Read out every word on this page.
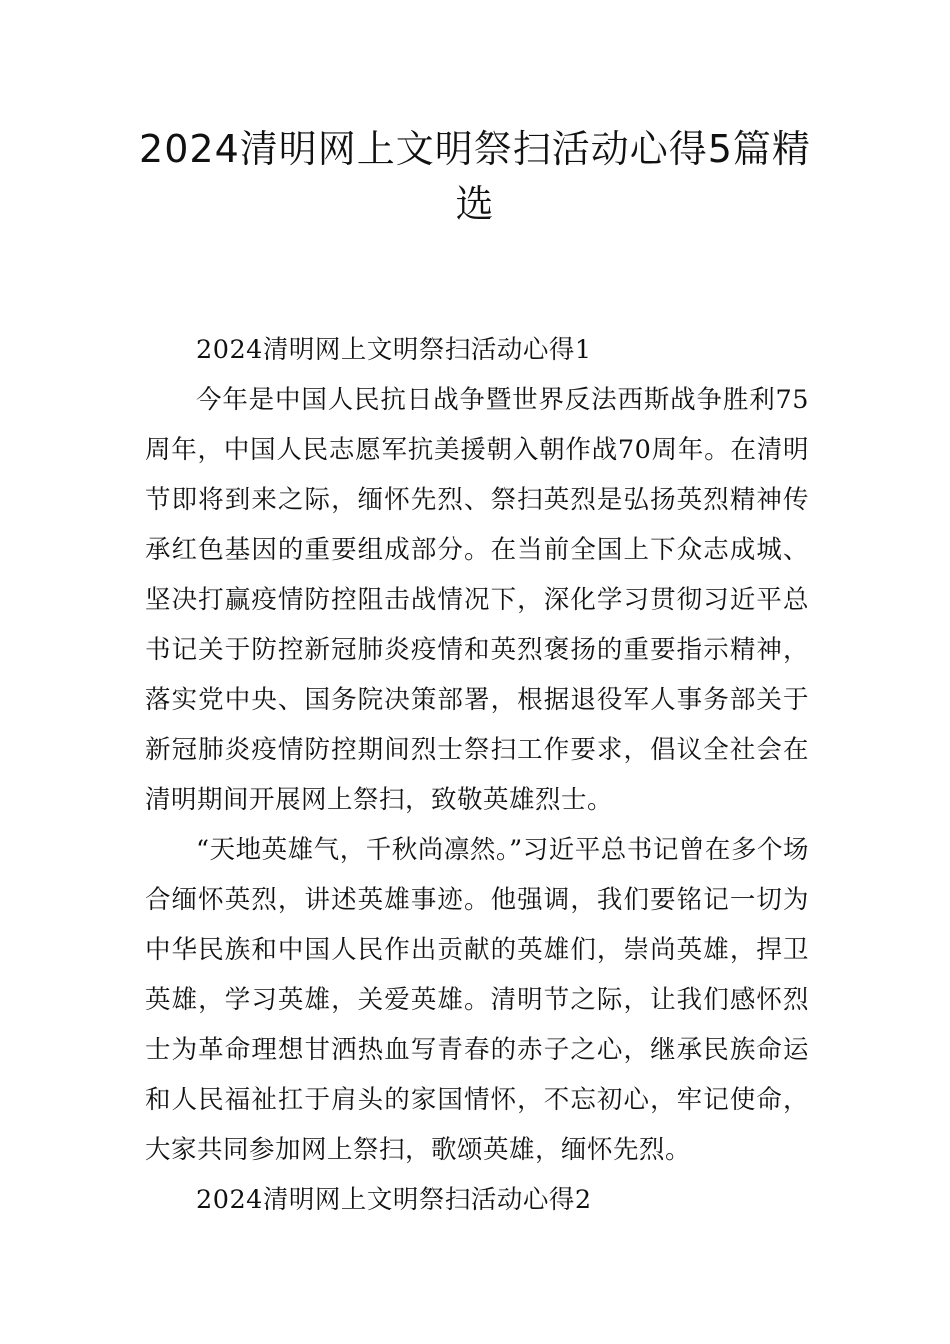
2024清明网上文明祭扫活动心得5篇精选

2024清明网上文明祭扫活动心得1

今年是中国人民抗日战争暨世界反法西斯战争胜利75周年，中国人民志愿军抗美援朝入朝作战70周年。在清明节即将到来之际，缅怀先烈、祭扫英烈是弘扬英烈精神传承红色基因的重要组成部分。在当前全国上下众志成城、坚决打赢疫情防控阻击战情况下，深化学习贯彻习近平总书记关于防控新冠肺炎疫情和英烈褒扬的重要指示精神，落实党中央、国务院决策部署，根据退役军人事务部关于新冠肺炎疫情防控期间烈士祭扫工作要求，倡议全社会在清明期间开展网上祭扫，致敬英雄烈士。

“天地英雄气，千秋尚凛然。”习近平总书记曾在多个场合缅怀英烈，讲述英雄事迹。他强调，我们要铭记一切为中华民族和中国人民作出贡献的英雄们，崇尚英雄，捍卫英雄，学习英雄，关爱英雄。清明节之际，让我们感怀烈士为革命理想甘洒热血写青春的赤子之心，继承民族命运和人民福祉扛于肩头的家国情怀，不忘初心，牢记使命，大家共同参加网上祭扫，歌颂英雄，缅怀先烈。

2024清明网上文明祭扫活动心得2
